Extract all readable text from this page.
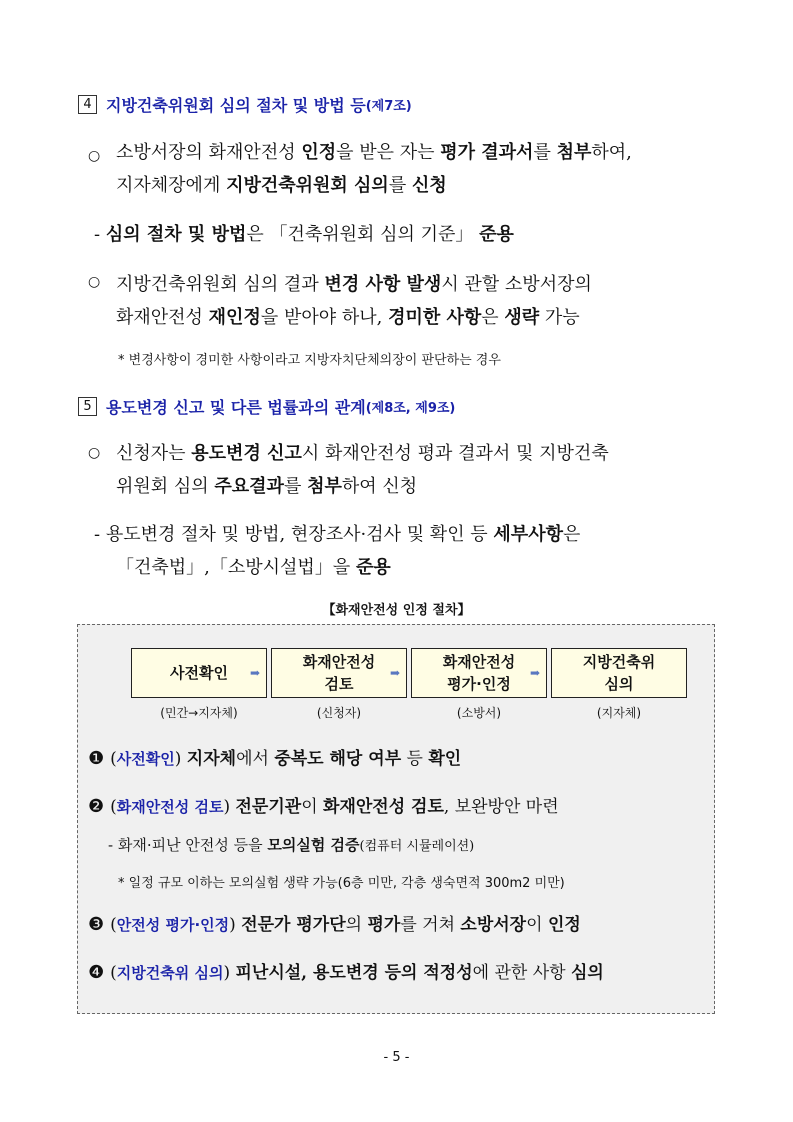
4 지방건축위원회 심의 절차 및 방법 등 (제7조)
○ 소방서장의 화재안전성 인정을 받은 자는 평가 결과서를 첨부하여,
지자체장에게 지방건축위원회 심의를 신청
- 심의 절차 및 방법은 「건축위원회 심의 기준」 준용
○ 지방건축위원회 심의 결과 변경 사항 발생시 관할 소방서장의
화재안전성 재인정을 받아야 하나, 경미한 사항은 생략 가능
* 변경사항이 경미한 사항이라고 지방자치단체의장이 판단하는 경우
5 용도변경 신고 및 다른 법률과의 관계 (제8조, 제9조)
○ 신청자는 용도변경 신고시 화재안전성 평과 결과서 및 지방건축
위원회 심의 주요결과를 첨부하여 신청
- 용도변경 절차 및 방법, 현장조사·검사 및 확인 등 세부사항은
「건축법」,「소방시설법」을 준용
【화재안전성 인정 절차】
사전확인 ➡
화재안전성
검토
➡
화재안전성
평가·인정
➡
지방건축위
심의
(민간→지자체)	(신청자)	(소방서)	(지자체)
❶ (사전확인) 지자체에서 중복도 해당 여부 등 확인
❷ (화재안전성 검토) 전문기관이 화재안전성 검토, 보완방안 마련
- 화재·피난 안전성 등을 모의실험 검증(컴퓨터 시뮬레이션)
* 일정 규모 이하는 모의실험 생략 가능(6층 미만, 각층 생숙면적 300m2 미만)
❸ (안전성 평가·인정) 전문가 평가단의 평가를 거쳐 소방서장이 인정
❹ (지방건축위 심의) 피난시설, 용도변경 등의 적정성에 관한 사항 심의
- 5 -
